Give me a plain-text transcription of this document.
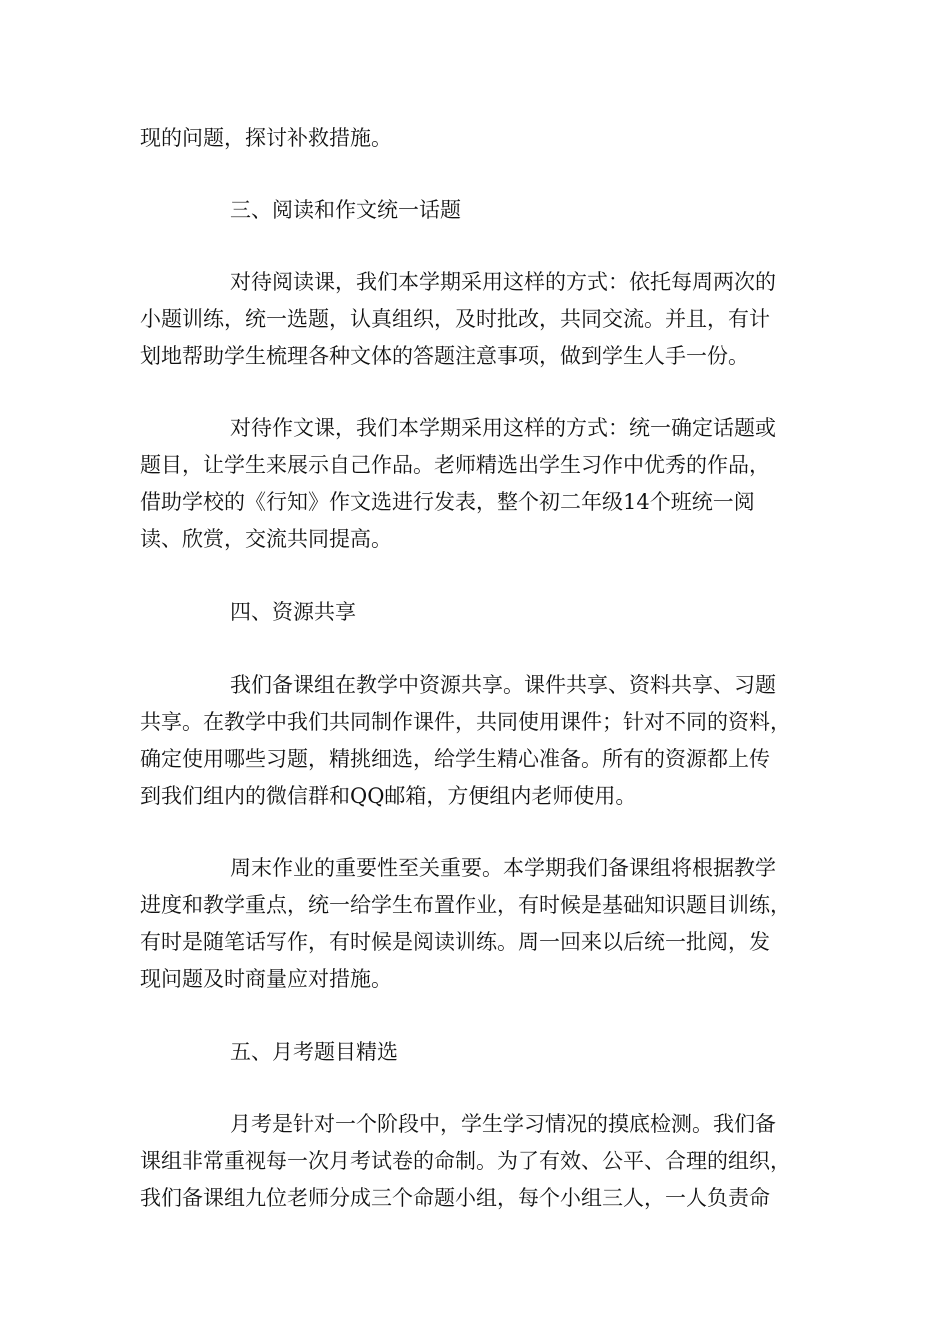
现的问题，探讨补救措施。

三、阅读和作文统一话题

对待阅读课，我们本学期采用这样的方式：依托每周两次的
小题训练，统一选题，认真组织，及时批改，共同交流。并且，有计
划地帮助学生梳理各种文体的答题注意事项，做到学生人手一份。

对待作文课，我们本学期采用这样的方式：统一确定话题或
题目，让学生来展示自己作品。老师精选出学生习作中优秀的作品，
借助学校的《行知》作文选进行发表，整个初二年级14个班统一阅
读、欣赏，交流共同提高。

四、资源共享

我们备课组在教学中资源共享。课件共享、资料共享、习题
共享。在教学中我们共同制作课件，共同使用课件；针对不同的资料，
确定使用哪些习题，精挑细选，给学生精心准备。所有的资源都上传
到我们组内的微信群和QQ邮箱，方便组内老师使用。

周末作业的重要性至关重要。本学期我们备课组将根据教学
进度和教学重点，统一给学生布置作业，有时候是基础知识题目训练，
有时是随笔话写作，有时候是阅读训练。周一回来以后统一批阅，发
现问题及时商量应对措施。

五、月考题目精选

月考是针对一个阶段中，学生学习情况的摸底检测。我们备
课组非常重视每一次月考试卷的命制。为了有效、公平、合理的组织，
我们备课组九位老师分成三个命题小组，每个小组三人，一人负责命
